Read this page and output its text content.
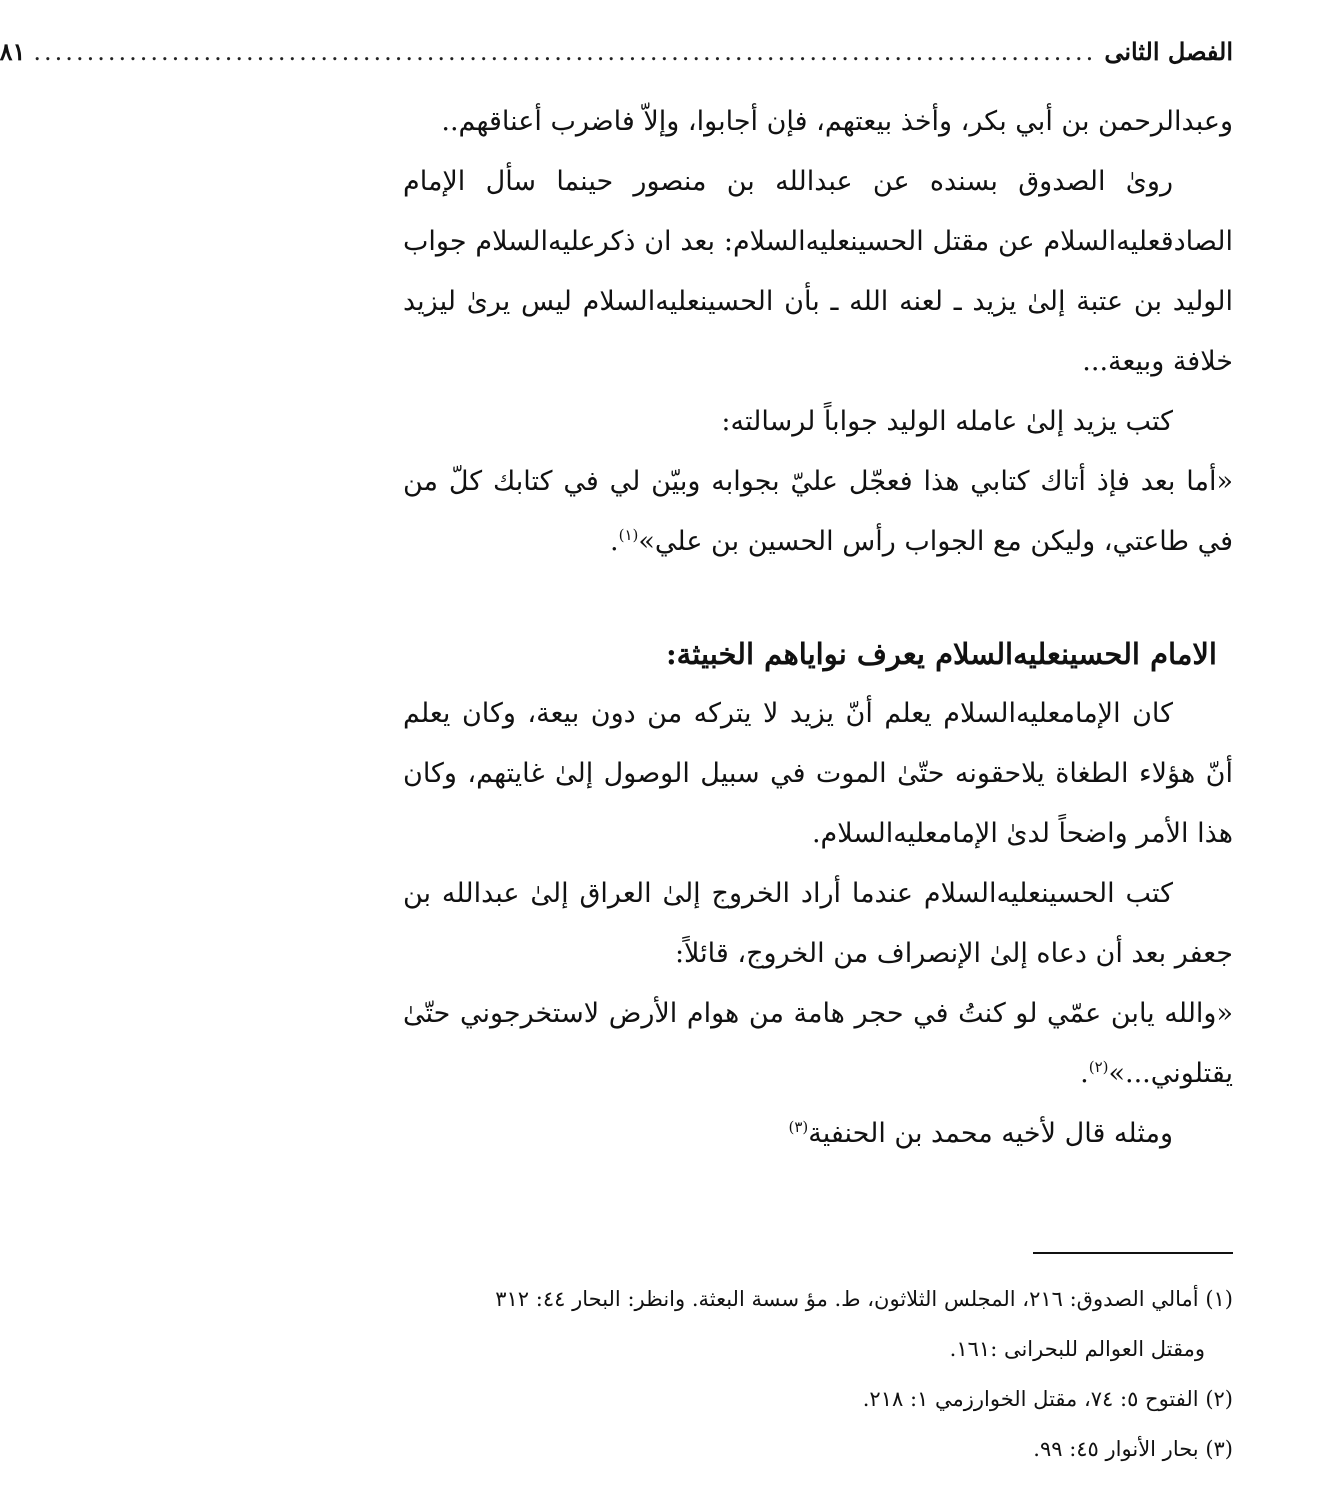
الفصل الثانى
....................................................................................................
٨١

وعبدالرحمن بن أبي بكر، وأخذ بيعتهم، فإن أجابوا، وإلاّ فاضرب أعناقهم..

رویٰ الصدوق بسنده عن عبدالله بن منصور حينما سأل الإمام الصادقعليه‌السلام عن مقتل الحسينعليه‌السلام: بعد ان ذكرعليه‌السلام جواب الوليد بن عتبة إلىٰ يزيد ـ لعنه الله ـ بأن الحسينعليه‌السلام ليس يرىٰ ليزيد خلافة وبيعة...

كتب يزيد إلىٰ عامله الوليد جواباً لرسالته:

«أما بعد فإذ أتاك كتابي هذا فعجّل عليّ بجوابه وبيّن لي في كتابك كلّ من في طاعتي، وليكن مع الجواب رأس الحسين بن علي»$^{(١)}$.

الامام الحسينعليه‌السلام يعرف نواياهم الخبيثة:

كان الإمامعليه‌السلام يعلم أنّ يزيد لا يتركه من دون بيعة، وكان يعلم أنّ هؤلاء الطغاة يلاحقونه حتّىٰ الموت في سبيل الوصول إلىٰ غايتهم، وكان هذا الأمر واضحاً لدىٰ الإمامعليه‌السلام.

كتب الحسينعليه‌السلام عندما أراد الخروج إلىٰ العراق إلىٰ عبدالله بن جعفر بعد أن دعاه إلىٰ الإنصراف من الخروج، قائلاً:

«والله يابن عمّي لو كنتُ في حجر هامة من هوام الأرض لاستخرجوني حتّىٰ يقتلوني...»$^{(٢)}$.

ومثله قال لأخيه محمد بن الحنفية$^{(٣)}$

(١) أمالي الصدوق: ٢١٦، المجلس الثلاثون، ط. مؤ سسة البعثة. وانظر: البحار ٤٤: ٣١٢

ومقتل العوالم للبحرانى :١٦١.

(٢) الفتوح ٥: ٧٤، مقتل الخوارزمي ١: ٢١٨.

(٣) بحار الأنوار ٤٥: ٩٩.
